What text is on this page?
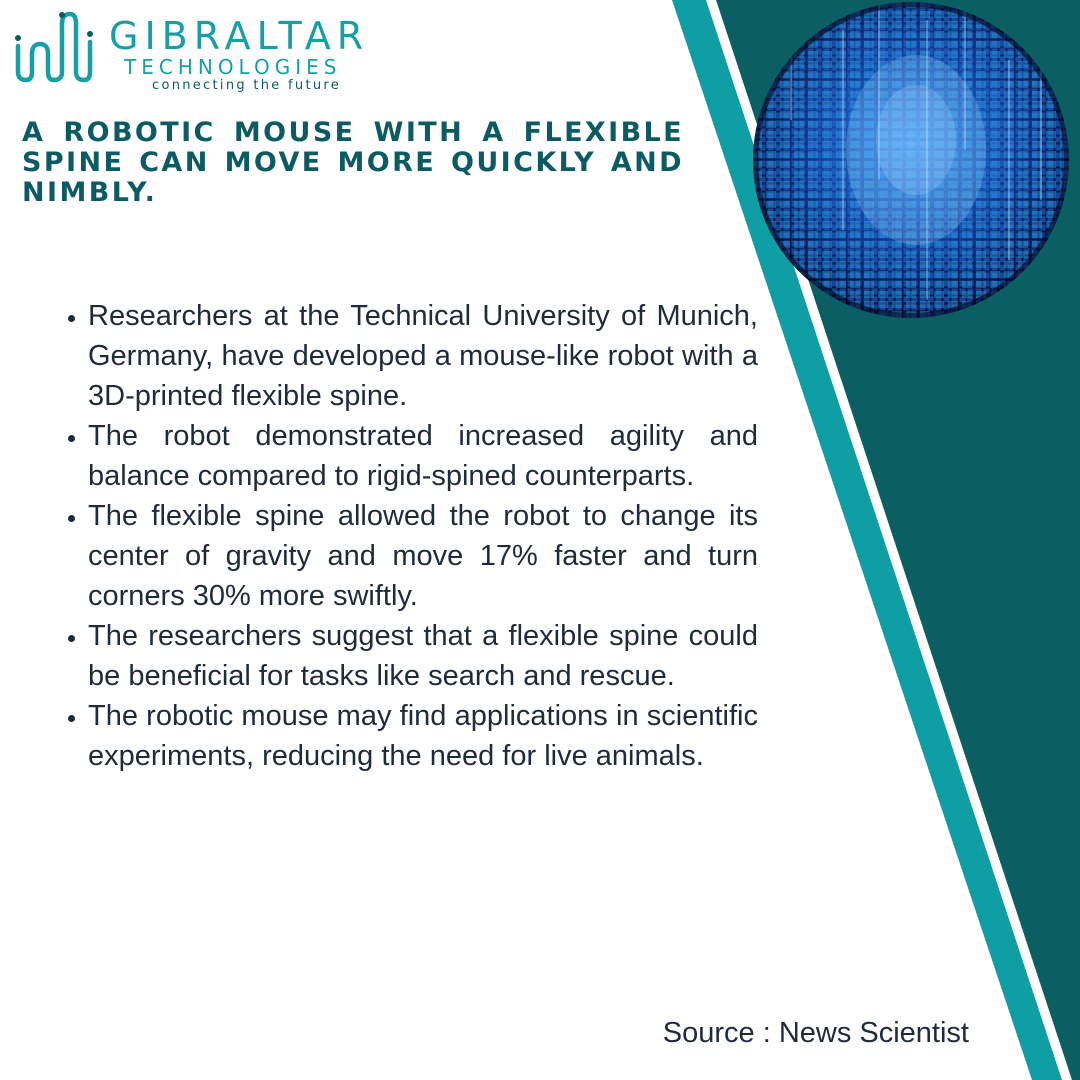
GIBRALTAR
TECHNOLOGIES
connecting the future
A ROBOTIC MOUSE WITH A FLEXIBLE SPINE CAN MOVE MORE QUICKLY AND NIMBLY.
• Researchers at the Technical University of Munich, Germany, have developed a mouse-like robot with a 3D-printed flexible spine.
• The robot demonstrated increased agility and balance compared to rigid-spined counterparts.
• The flexible spine allowed the robot to change its center of gravity and move 17% faster and turn corners 30% more swiftly.
• The researchers suggest that a flexible spine could be beneficial for tasks like search and rescue.
• The robotic mouse may find applications in scientific experiments, reducing the need for live animals.
Source : News Scientist
